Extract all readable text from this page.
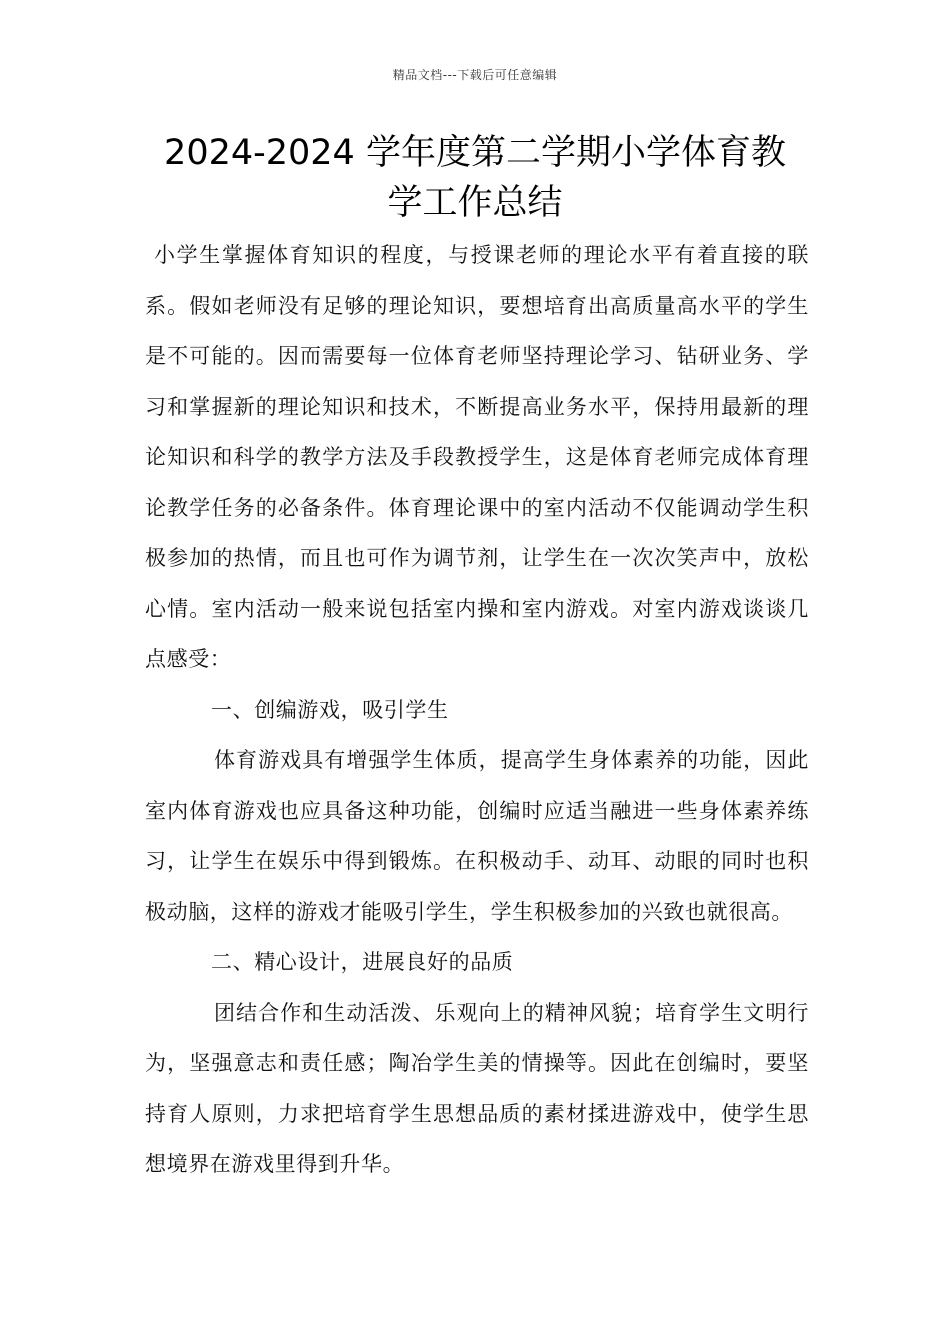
精品文档---下载后可任意编辑
2024-2024 学年度第二学期小学体育教
学工作总结

小学生掌握体育知识的程度，与授课老师的理论水平有着直接的联系。假如老师没有足够的理论知识，要想培育出高质量高水平的学生是不可能的。因而需要每一位体育老师坚持理论学习、钻研业务、学习和掌握新的理论知识和技术，不断提高业务水平，保持用最新的理论知识和科学的教学方法及手段教授学生，这是体育老师完成体育理论教学任务的必备条件。体育理论课中的室内活动不仅能调动学生积极参加的热情，而且也可作为调节剂，让学生在一次次笑声中，放松心情。室内活动一般来说包括室内操和室内游戏。对室内游戏谈谈几点感受：

一、创编游戏，吸引学生

体育游戏具有增强学生体质，提高学生身体素养的功能，因此室内体育游戏也应具备这种功能，创编时应适当融进一些身体素养练习，让学生在娱乐中得到锻炼。在积极动手、动耳、动眼的同时也积极动脑，这样的游戏才能吸引学生，学生积极参加的兴致也就很高。

二、精心设计，进展良好的品质

团结合作和生动活泼、乐观向上的精神风貌；培育学生文明行为，坚强意志和责任感；陶冶学生美的情操等。因此在创编时，要坚持育人原则，力求把培育学生思想品质的素材揉进游戏中，使学生思想境界在游戏里得到升华。
